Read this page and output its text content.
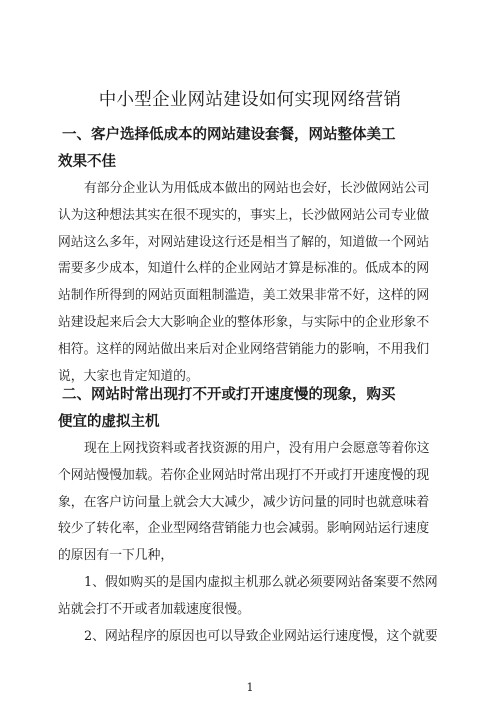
中小型企业网站建设如何实现网络营销
一、客户选择低成本的网站建设套餐，网站整体美工
效果不佳
有部分企业认为用低成本做出的网站也会好，长沙做网站公司
认为这种想法其实在很不现实的，事实上，长沙做网站公司专业做
网站这么多年，对网站建设这行还是相当了解的，知道做一个网站
需要多少成本，知道什么样的企业网站才算是标准的。低成本的网
站制作所得到的网站页面粗制滥造，美工效果非常不好，这样的网
站建设起来后会大大影响企业的整体形象，与实际中的企业形象不
相符。这样的网站做出来后对企业网络营销能力的影响，不用我们
说，大家也肯定知道的。
二、网站时常出现打不开或打开速度慢的现象，购买
便宜的虚拟主机
现在上网找资料或者找资源的用户，没有用户会愿意等着你这
个网站慢慢加载。若你企业网站时常出现打不开或打开速度慢的现
象，在客户访问量上就会大大减少，减少访问量的同时也就意味着
较少了转化率，企业型网络营销能力也会减弱。影响网站运行速度
的原因有一下几种，
1、假如购买的是国内虚拟主机那么就必须要网站备案要不然网
站就会打不开或者加载速度很慢。
2、网站程序的原因也可以导致企业网站运行速度慢，这个就要
1
